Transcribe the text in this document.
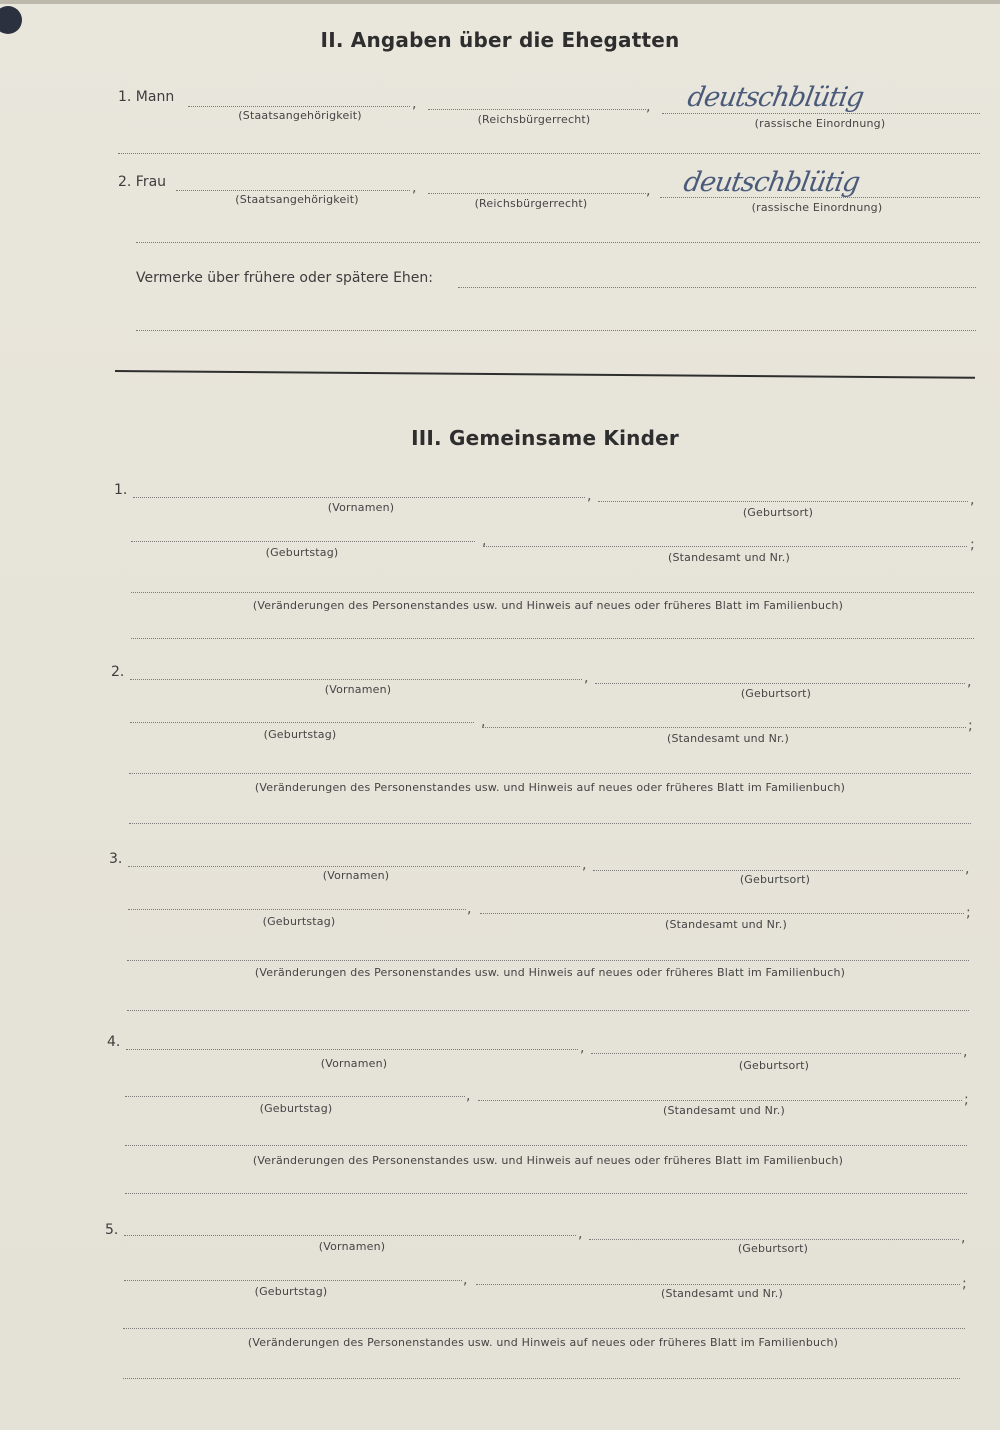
II. Angaben über die Ehegatten
1. Mann	,	,
(Staatsangehörigkeit)	(Reichsbürgerrecht)	(rassische Einordnung)
deutschblütig
2. Frau	,	,
(Staatsangehörigkeit)	(Reichsbürgerrecht)	(rassische Einordnung)
deutschblütig
Vermerke über frühere oder spätere Ehen:
III. Gemeinsame Kinder
1.	,	,
(Vornamen)	(Geburtsort)
,	;
(Geburtstag)	(Standesamt und Nr.)
(Veränderungen des Personenstandes usw. und Hinweis auf neues oder früheres Blatt im Familienbuch)
2.	,	,
(Vornamen)	(Geburtsort)
,	;
(Geburtstag)	(Standesamt und Nr.)
(Veränderungen des Personenstandes usw. und Hinweis auf neues oder früheres Blatt im Familienbuch)
3.	,	,
(Vornamen)	(Geburtsort)
,	;
(Geburtstag)	(Standesamt und Nr.)
(Veränderungen des Personenstandes usw. und Hinweis auf neues oder früheres Blatt im Familienbuch)
4.	,	,
(Vornamen)	(Geburtsort)
,	;
(Geburtstag)	(Standesamt und Nr.)
(Veränderungen des Personenstandes usw. und Hinweis auf neues oder früheres Blatt im Familienbuch)
5.	,	,
(Vornamen)	(Geburtsort)
,	;
(Geburtstag)	(Standesamt und Nr.)
(Veränderungen des Personenstandes usw. und Hinweis auf neues oder früheres Blatt im Familienbuch)
